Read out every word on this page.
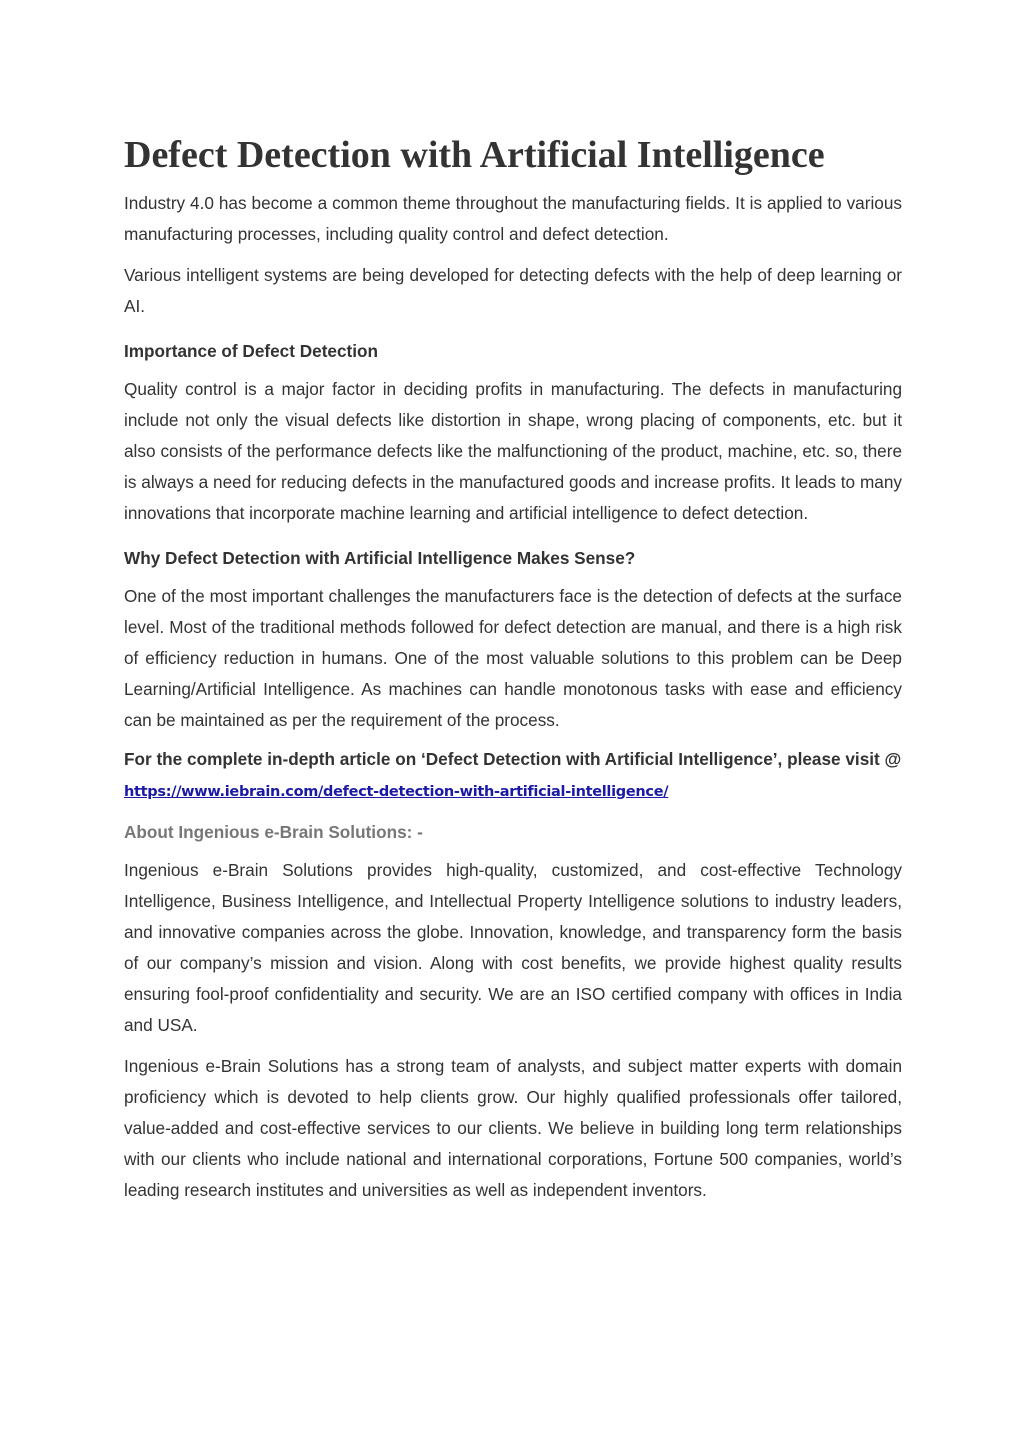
Defect Detection with Artificial Intelligence

Industry 4.0 has become a common theme throughout the manufacturing fields. It is applied to various manufacturing processes, including quality control and defect detection.

Various intelligent systems are being developed for detecting defects with the help of deep learning or AI.

Importance of Defect Detection

Quality control is a major factor in deciding profits in manufacturing. The defects in manufacturing include not only the visual defects like distortion in shape, wrong placing of components, etc. but it also consists of the performance defects like the malfunctioning of the product, machine, etc. so, there is always a need for reducing defects in the manufactured goods and increase profits. It leads to many innovations that incorporate machine learning and artificial intelligence to defect detection.

Why Defect Detection with Artificial Intelligence Makes Sense?

One of the most important challenges the manufacturers face is the detection of defects at the surface level. Most of the traditional methods followed for defect detection are manual, and there is a high risk of efficiency reduction in humans. One of the most valuable solutions to this problem can be Deep Learning/Artificial Intelligence. As machines can handle monotonous tasks with ease and efficiency can be maintained as per the requirement of the process.

For the complete in-depth article on ‘Defect Detection with Artificial Intelligence’, please visit @ https://www.iebrain.com/defect-detection-with-artificial-intelligence/

About Ingenious e-Brain Solutions: -

Ingenious e-Brain Solutions provides high-quality, customized, and cost-effective Technology Intelligence, Business Intelligence, and Intellectual Property Intelligence solutions to industry leaders, and innovative companies across the globe. Innovation, knowledge, and transparency form the basis of our company’s mission and vision. Along with cost benefits, we provide highest quality results ensuring fool-proof confidentiality and security. We are an ISO certified company with offices in India and USA.

Ingenious e-Brain Solutions has a strong team of analysts, and subject matter experts with domain proficiency which is devoted to help clients grow. Our highly qualified professionals offer tailored, value-added and cost-effective services to our clients. We believe in building long term relationships with our clients who include national and international corporations, Fortune 500 companies, world’s leading research institutes and universities as well as independent inventors.
